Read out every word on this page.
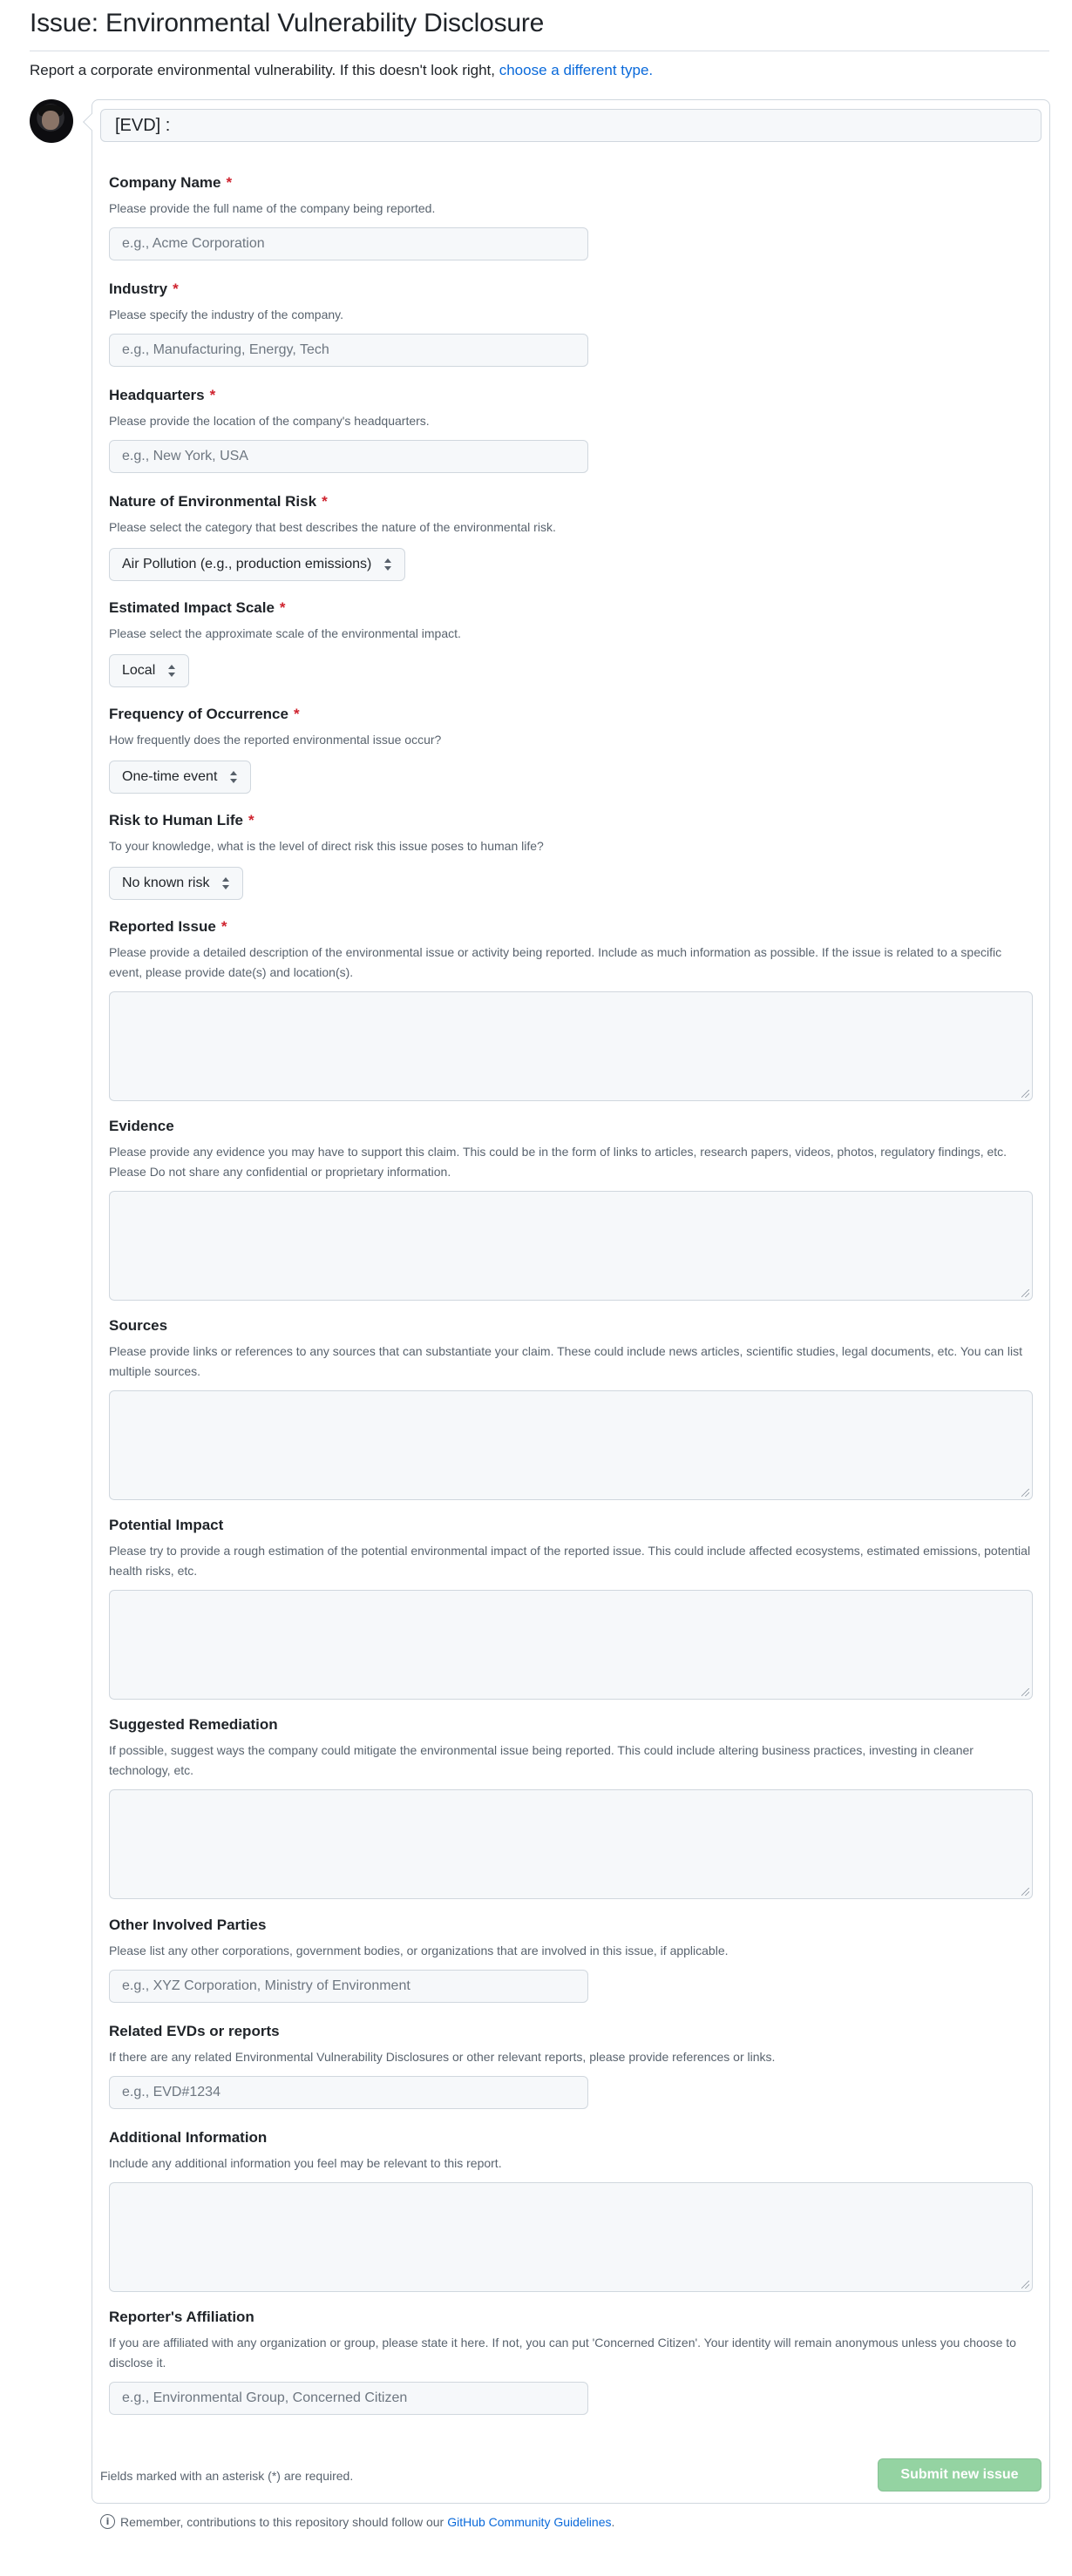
Issue: Environmental Vulnerability Disclosure
Report a corporate environmental vulnerability. If this doesn't look right, choose a different type.
[EVD] :
Company Name *
Please provide the full name of the company being reported.
e.g., Acme Corporation
Industry *
Please specify the industry of the company.
e.g., Manufacturing, Energy, Tech
Headquarters *
Please provide the location of the company's headquarters.
e.g., New York, USA
Nature of Environmental Risk *
Please select the category that best describes the nature of the environmental risk.
Air Pollution (e.g., production emissions)
Estimated Impact Scale *
Please select the approximate scale of the environmental impact.
Local
Frequency of Occurrence *
How frequently does the reported environmental issue occur?
One-time event
Risk to Human Life *
To your knowledge, what is the level of direct risk this issue poses to human life?
No known risk
Reported Issue *
Please provide a detailed description of the environmental issue or activity being reported. Include as much information as possible. If the issue is related to a specific event, please provide date(s) and location(s).
Evidence
Please provide any evidence you may have to support this claim. This could be in the form of links to articles, research papers, videos, photos, regulatory findings, etc. Please Do not share any confidential or proprietary information.
Sources
Please provide links or references to any sources that can substantiate your claim. These could include news articles, scientific studies, legal documents, etc. You can list multiple sources.
Potential Impact
Please try to provide a rough estimation of the potential environmental impact of the reported issue. This could include affected ecosystems, estimated emissions, potential health risks, etc.
Suggested Remediation
If possible, suggest ways the company could mitigate the environmental issue being reported. This could include altering business practices, investing in cleaner technology, etc.
Other Involved Parties
Please list any other corporations, government bodies, or organizations that are involved in this issue, if applicable.
e.g., XYZ Corporation, Ministry of Environment
Related EVDs or reports
If there are any related Environmental Vulnerability Disclosures or other relevant reports, please provide references or links.
e.g., EVD#1234
Additional Information
Include any additional information you feel may be relevant to this report.
Reporter's Affiliation
If you are affiliated with any organization or group, please state it here. If not, you can put 'Concerned Citizen'. Your identity will remain anonymous unless you choose to disclose it.
e.g., Environmental Group, Concerned Citizen
Fields marked with an asterisk (*) are required.	Submit new issue
i Remember, contributions to this repository should follow our GitHub Community Guidelines .
